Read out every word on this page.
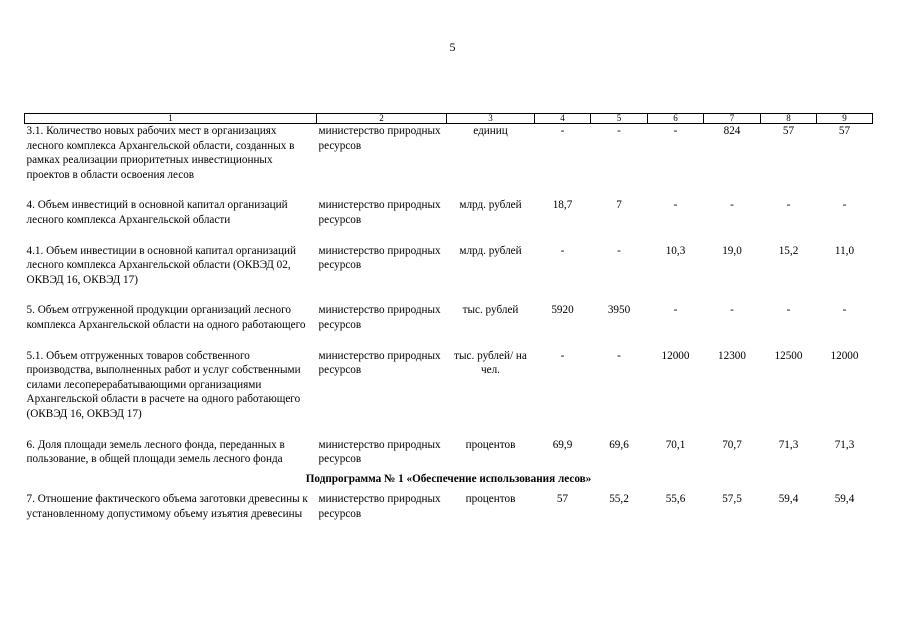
5
1	2	3	4	5	6	7	8	9
3.1. Количество новых рабочих мест в организациях лесного комплекса Архангельской области, созданных в рамках реализации приоритетных инвестиционных проектов в области освоения лесов	министерство природных ресурсов	единиц	-	-	-	824	57	57
4. Объем инвестиций в основной капитал организаций лесного комплекса Архангельской области	министерство природных ресурсов	млрд. рублей	18,7	7	-	-	-	-
4.1. Объем инвестиции в основной капитал организаций лесного комплекса Архангельской области (ОКВЭД 02, ОКВЭД 16, ОКВЭД 17)	министерство природных ресурсов	млрд. рублей	-	-	10,3	19,0	15,2	11,0
5. Объем отгруженной продукции организаций лесного комплекса Архангельской области на одного работающего	министерство природных ресурсов	тыс. рублей	5920	3950	-	-	-	-
5.1. Объем отгруженных товаров собственного производства, выполненных работ и услуг собственными силами лесоперерабатывающими организациями Архангельской области в расчете на одного работающего (ОКВЭД 16, ОКВЭД 17)	министерство природных ресурсов	тыс. рублей/ на чел.	-	-	12000	12300	12500	12000
6. Доля площади земель лесного фонда, переданных в пользование, в общей площади земель лесного фонда	министерство природных ресурсов	процентов	69,9	69,6	70,1	70,7	71,3	71,3
Подпрограмма № 1 «Обеспечение использования лесов»								
7. Отношение фактического объема заготовки древесины к установленному допустимому объему изъятия древесины	министерство природных ресурсов	процентов	57	55,2	55,6	57,5	59,4	59,4
